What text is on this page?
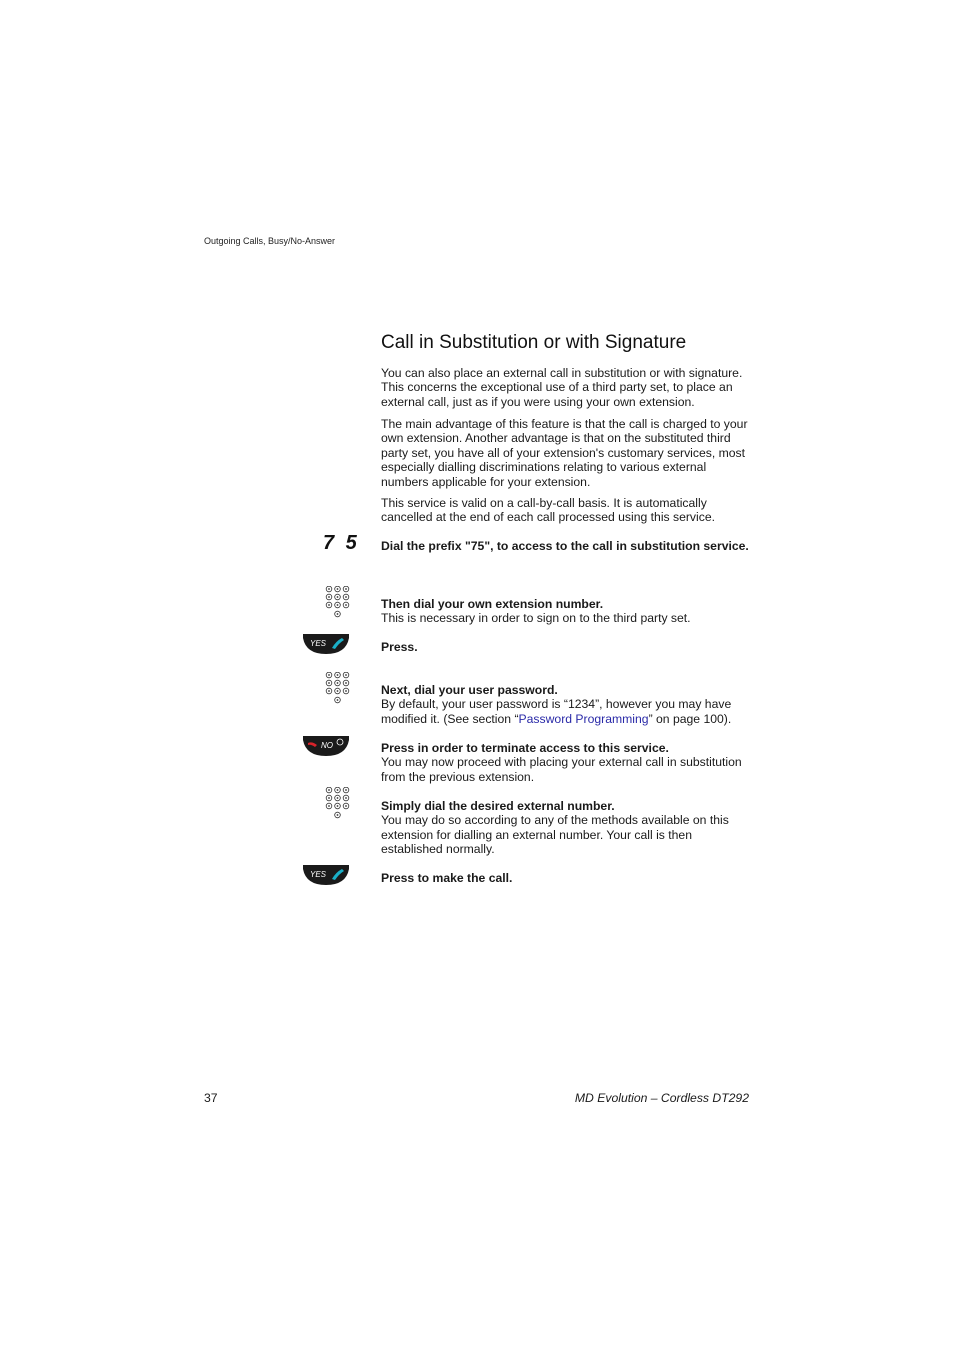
Outgoing Calls, Busy/No-Answer
Call in Substitution or with Signature

You can also place an external call in substitution or with signature. This concerns the exceptional use of a third party set, to place an external call, just as if you were using your own extension.

The main advantage of this feature is that the call is charged to your own extension. Another advantage is that on the substituted third party set, you have all of your extension's customary services, most especially dialling discriminations relating to various external numbers applicable for your extension.

This service is valid on a call-by-call basis. It is automatically cancelled at the end of each call processed using this service.

7 5 Dial the prefix "75", to access to the call in substitution service.
Then dial your own extension number.
This is necessary in order to sign on to the third party set.
YES	Press.
Next, dial your user password.
By default, your user password is “1234”, however you may have modified it. (See section “Password Programming” on page 100).
NO	Press in order to terminate access to this service.
You may now proceed with placing your external call in substitution from the previous extension.
Simply dial the desired external number.
You may do so according to any of the methods available on this extension for dialling an external number. Your call is then established normally.
YES	Press to make the call.
37	MD Evolution – Cordless DT292
